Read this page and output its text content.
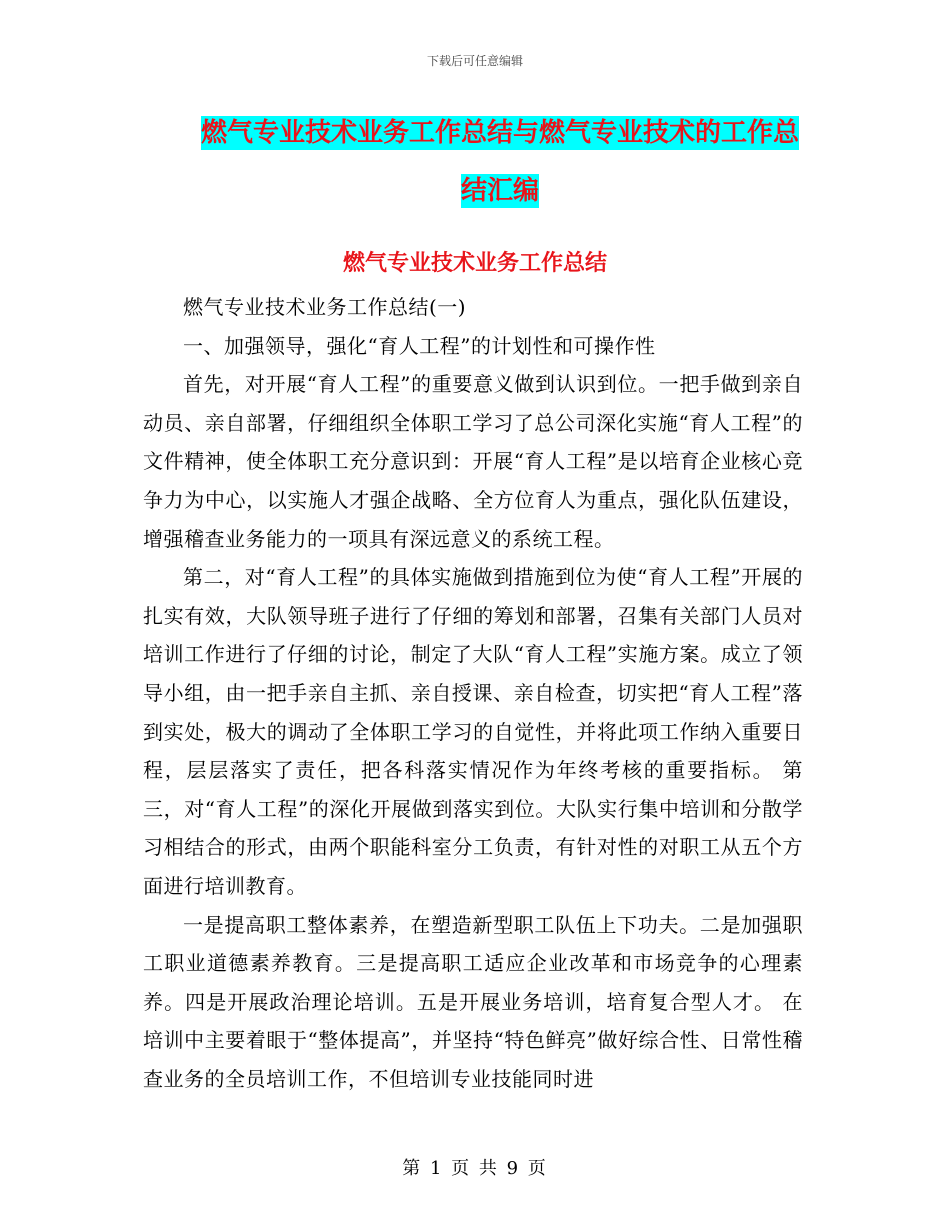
下载后可任意编辑
燃气专业技术业务工作总结与燃气专业技术的工作总
结汇编
燃气专业技术业务工作总结

燃气专业技术业务工作总结(一)

一、加强领导，强化“育人工程”的计划性和可操作性

首先，对开展“育人工程”的重要意义做到认识到位。一把手做到亲自动员、亲自部署，仔细组织全体职工学习了总公司深化实施“育人工程”的文件精神，使全体职工充分意识到：开展“育人工程”是以培育企业核心竞争力为中心，以实施人才强企战略、全方位育人为重点，强化队伍建设，增强稽查业务能力的一项具有深远意义的系统工程。

第二，对“育人工程”的具体实施做到措施到位为使“育人工程”开展的扎实有效，大队领导班子进行了仔细的筹划和部署，召集有关部门人员对培训工作进行了仔细的讨论，制定了大队“育人工程”实施方案。成立了领导小组，由一把手亲自主抓、亲自授课、亲自检查，切实把“育人工程”落到实处，极大的调动了全体职工学习的自觉性，并将此项工作纳入重要日程，层层落实了责任，把各科落实情况作为年终考核的重要指标。 第三，对“育人工程”的深化开展做到落实到位。大队实行集中培训和分散学习相结合的形式，由两个职能科室分工负责，有针对性的对职工从五个方面进行培训教育。

一是提高职工整体素养，在塑造新型职工队伍上下功夫。二是加强职工职业道德素养教育。三是提高职工适应企业改革和市场竞争的心理素养。四是开展政治理论培训。五是开展业务培训，培育复合型人才。 在培训中主要着眼于“整体提高”，并坚持“特色鲜亮”做好综合性、日常性稽查业务的全员培训工作，不但培训专业技能同时进

第 1 页 共 9 页
